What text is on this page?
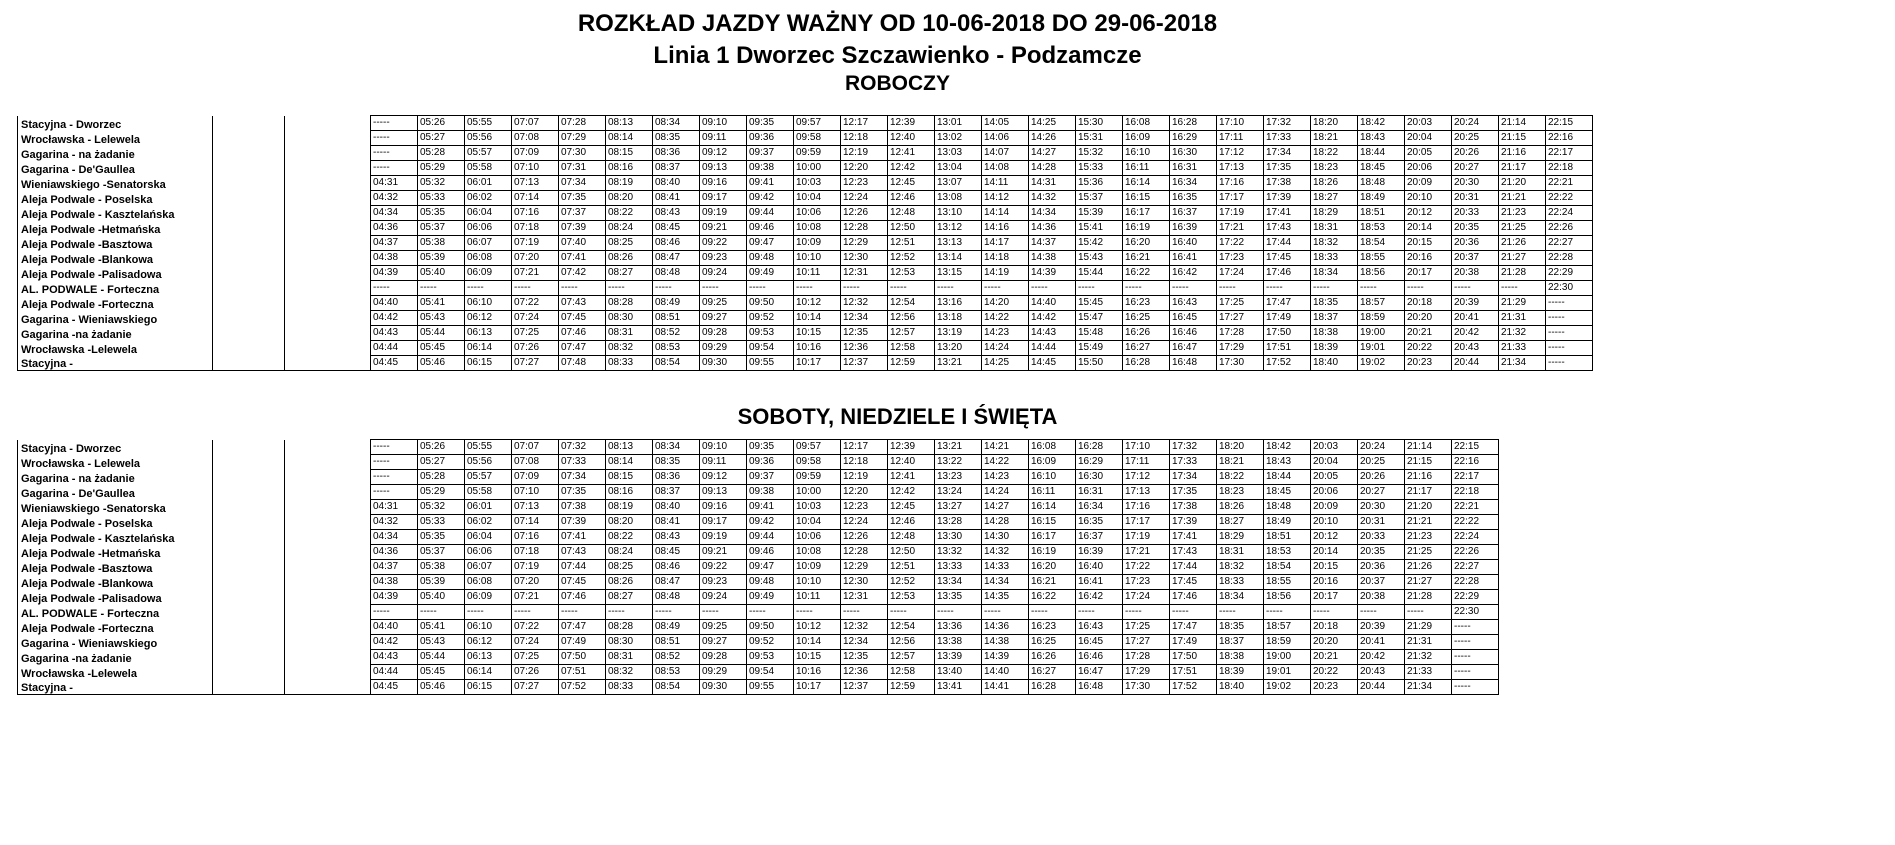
ROZKŁAD JAZDY WAŻNY OD 10-06-2018 DO 29-06-2018
Linia 1 Dworzec Szczawienko - Podzamcze
ROBOCZY
Stacyjna - Dworzec			-----	05:26	05:55	07:07	07:28	08:13	08:34	09:10	09:35	09:57	12:17	12:39	13:01	14:05	14:25	15:30	16:08	16:28	17:10	17:32	18:20	18:42	20:03	20:24	21:14	22:15
Wrocławska - Lelewela			-----	05:27	05:56	07:08	07:29	08:14	08:35	09:11	09:36	09:58	12:18	12:40	13:02	14:06	14:26	15:31	16:09	16:29	17:11	17:33	18:21	18:43	20:04	20:25	21:15	22:16
Gagarina - na żadanie			-----	05:28	05:57	07:09	07:30	08:15	08:36	09:12	09:37	09:59	12:19	12:41	13:03	14:07	14:27	15:32	16:10	16:30	17:12	17:34	18:22	18:44	20:05	20:26	21:16	22:17
Gagarina - De'Gaullea			-----	05:29	05:58	07:10	07:31	08:16	08:37	09:13	09:38	10:00	12:20	12:42	13:04	14:08	14:28	15:33	16:11	16:31	17:13	17:35	18:23	18:45	20:06	20:27	21:17	22:18
Wieniawskiego -Senatorska			04:31	05:32	06:01	07:13	07:34	08:19	08:40	09:16	09:41	10:03	12:23	12:45	13:07	14:11	14:31	15:36	16:14	16:34	17:16	17:38	18:26	18:48	20:09	20:30	21:20	22:21
Aleja Podwale - Poselska			04:32	05:33	06:02	07:14	07:35	08:20	08:41	09:17	09:42	10:04	12:24	12:46	13:08	14:12	14:32	15:37	16:15	16:35	17:17	17:39	18:27	18:49	20:10	20:31	21:21	22:22
Aleja Podwale - Kasztelańska			04:34	05:35	06:04	07:16	07:37	08:22	08:43	09:19	09:44	10:06	12:26	12:48	13:10	14:14	14:34	15:39	16:17	16:37	17:19	17:41	18:29	18:51	20:12	20:33	21:23	22:24
Aleja Podwale -Hetmańska			04:36	05:37	06:06	07:18	07:39	08:24	08:45	09:21	09:46	10:08	12:28	12:50	13:12	14:16	14:36	15:41	16:19	16:39	17:21	17:43	18:31	18:53	20:14	20:35	21:25	22:26
Aleja Podwale -Basztowa			04:37	05:38	06:07	07:19	07:40	08:25	08:46	09:22	09:47	10:09	12:29	12:51	13:13	14:17	14:37	15:42	16:20	16:40	17:22	17:44	18:32	18:54	20:15	20:36	21:26	22:27
Aleja Podwale -Blankowa			04:38	05:39	06:08	07:20	07:41	08:26	08:47	09:23	09:48	10:10	12:30	12:52	13:14	14:18	14:38	15:43	16:21	16:41	17:23	17:45	18:33	18:55	20:16	20:37	21:27	22:28
Aleja Podwale -Palisadowa			04:39	05:40	06:09	07:21	07:42	08:27	08:48	09:24	09:49	10:11	12:31	12:53	13:15	14:19	14:39	15:44	16:22	16:42	17:24	17:46	18:34	18:56	20:17	20:38	21:28	22:29
AL. PODWALE - Forteczna			-----	-----	-----	-----	-----	-----	-----	-----	-----	-----	-----	-----	-----	-----	-----	-----	-----	-----	-----	-----	-----	-----	-----	-----	-----	22:30
Aleja Podwale -Forteczna			04:40	05:41	06:10	07:22	07:43	08:28	08:49	09:25	09:50	10:12	12:32	12:54	13:16	14:20	14:40	15:45	16:23	16:43	17:25	17:47	18:35	18:57	20:18	20:39	21:29	-----
Gagarina - Wieniawskiego			04:42	05:43	06:12	07:24	07:45	08:30	08:51	09:27	09:52	10:14	12:34	12:56	13:18	14:22	14:42	15:47	16:25	16:45	17:27	17:49	18:37	18:59	20:20	20:41	21:31	-----
Gagarina -na żadanie			04:43	05:44	06:13	07:25	07:46	08:31	08:52	09:28	09:53	10:15	12:35	12:57	13:19	14:23	14:43	15:48	16:26	16:46	17:28	17:50	18:38	19:00	20:21	20:42	21:32	-----
Wrocławska -Lelewela			04:44	05:45	06:14	07:26	07:47	08:32	08:53	09:29	09:54	10:16	12:36	12:58	13:20	14:24	14:44	15:49	16:27	16:47	17:29	17:51	18:39	19:01	20:22	20:43	21:33	-----
Stacyjna -			04:45	05:46	06:15	07:27	07:48	08:33	08:54	09:30	09:55	10:17	12:37	12:59	13:21	14:25	14:45	15:50	16:28	16:48	17:30	17:52	18:40	19:02	20:23	20:44	21:34	-----
SOBOTY, NIEDZIELE I ŚWIĘTA
Stacyjna - Dworzec			-----	05:26	05:55	07:07	07:32	08:13	08:34	09:10	09:35	09:57	12:17	12:39	13:21	14:21	16:08	16:28	17:10	17:32	18:20	18:42	20:03	20:24	21:14	22:15
Wrocławska - Lelewela			-----	05:27	05:56	07:08	07:33	08:14	08:35	09:11	09:36	09:58	12:18	12:40	13:22	14:22	16:09	16:29	17:11	17:33	18:21	18:43	20:04	20:25	21:15	22:16
Gagarina - na żadanie			-----	05:28	05:57	07:09	07:34	08:15	08:36	09:12	09:37	09:59	12:19	12:41	13:23	14:23	16:10	16:30	17:12	17:34	18:22	18:44	20:05	20:26	21:16	22:17
Gagarina - De'Gaullea			-----	05:29	05:58	07:10	07:35	08:16	08:37	09:13	09:38	10:00	12:20	12:42	13:24	14:24	16:11	16:31	17:13	17:35	18:23	18:45	20:06	20:27	21:17	22:18
Wieniawskiego -Senatorska			04:31	05:32	06:01	07:13	07:38	08:19	08:40	09:16	09:41	10:03	12:23	12:45	13:27	14:27	16:14	16:34	17:16	17:38	18:26	18:48	20:09	20:30	21:20	22:21
Aleja Podwale - Poselska			04:32	05:33	06:02	07:14	07:39	08:20	08:41	09:17	09:42	10:04	12:24	12:46	13:28	14:28	16:15	16:35	17:17	17:39	18:27	18:49	20:10	20:31	21:21	22:22
Aleja Podwale - Kasztelańska			04:34	05:35	06:04	07:16	07:41	08:22	08:43	09:19	09:44	10:06	12:26	12:48	13:30	14:30	16:17	16:37	17:19	17:41	18:29	18:51	20:12	20:33	21:23	22:24
Aleja Podwale -Hetmańska			04:36	05:37	06:06	07:18	07:43	08:24	08:45	09:21	09:46	10:08	12:28	12:50	13:32	14:32	16:19	16:39	17:21	17:43	18:31	18:53	20:14	20:35	21:25	22:26
Aleja Podwale -Basztowa			04:37	05:38	06:07	07:19	07:44	08:25	08:46	09:22	09:47	10:09	12:29	12:51	13:33	14:33	16:20	16:40	17:22	17:44	18:32	18:54	20:15	20:36	21:26	22:27
Aleja Podwale -Blankowa			04:38	05:39	06:08	07:20	07:45	08:26	08:47	09:23	09:48	10:10	12:30	12:52	13:34	14:34	16:21	16:41	17:23	17:45	18:33	18:55	20:16	20:37	21:27	22:28
Aleja Podwale -Palisadowa			04:39	05:40	06:09	07:21	07:46	08:27	08:48	09:24	09:49	10:11	12:31	12:53	13:35	14:35	16:22	16:42	17:24	17:46	18:34	18:56	20:17	20:38	21:28	22:29
AL. PODWALE - Forteczna			-----	-----	-----	-----	-----	-----	-----	-----	-----	-----	-----	-----	-----	-----	-----	-----	-----	-----	-----	-----	-----	-----	-----	22:30
Aleja Podwale -Forteczna			04:40	05:41	06:10	07:22	07:47	08:28	08:49	09:25	09:50	10:12	12:32	12:54	13:36	14:36	16:23	16:43	17:25	17:47	18:35	18:57	20:18	20:39	21:29	-----
Gagarina - Wieniawskiego			04:42	05:43	06:12	07:24	07:49	08:30	08:51	09:27	09:52	10:14	12:34	12:56	13:38	14:38	16:25	16:45	17:27	17:49	18:37	18:59	20:20	20:41	21:31	-----
Gagarina -na żadanie			04:43	05:44	06:13	07:25	07:50	08:31	08:52	09:28	09:53	10:15	12:35	12:57	13:39	14:39	16:26	16:46	17:28	17:50	18:38	19:00	20:21	20:42	21:32	-----
Wrocławska -Lelewela			04:44	05:45	06:14	07:26	07:51	08:32	08:53	09:29	09:54	10:16	12:36	12:58	13:40	14:40	16:27	16:47	17:29	17:51	18:39	19:01	20:22	20:43	21:33	-----
Stacyjna -			04:45	05:46	06:15	07:27	07:52	08:33	08:54	09:30	09:55	10:17	12:37	12:59	13:41	14:41	16:28	16:48	17:30	17:52	18:40	19:02	20:23	20:44	21:34	-----
